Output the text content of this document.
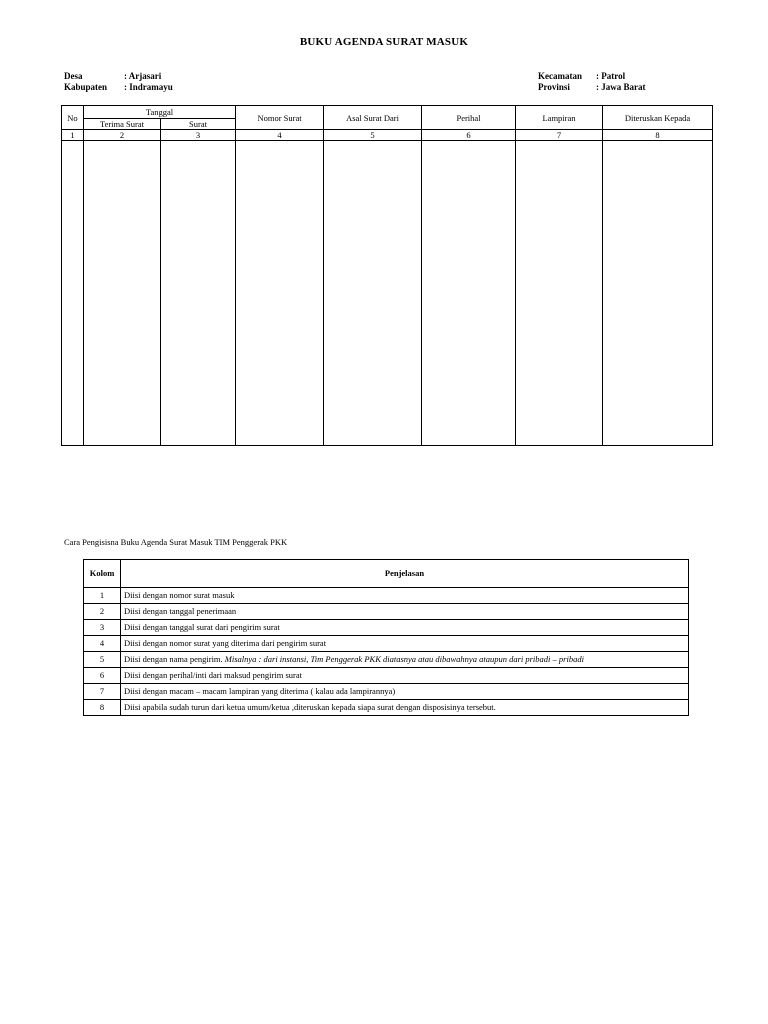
BUKU AGENDA SURAT MASUK
Desa	: Arjasari
Kabupaten : Indramayu
Kecamatan : Patrol
Provinsi	: Jawa Barat
No	Tanggal		Nomor Surat	Asal Surat Dari	Perihal	Lampiran	Diteruskan Kepada
	Terima Surat	Surat					
1	2	3	4	5	6	7	8

Cara Pengisisna Buku Agenda Surat Masuk TIM Penggerak PKK
Kolom	Penjelasan
1	Diisi dengan nomor surat masuk
2	Diisi dengan tanggal penerimaan
3	Diisi dengan tanggal surat dari pengirim surat
4	Diisi dengan nomor surat yang diterima dari pengirim surat
5	Diisi dengan nama pengirim. Misalnya : dari instansi, Tim Penggerak PKK diatasnya atau dibawahnya ataupun dari pribadi – pribadi
6	Diisi dengan perihal/inti dari maksud pengirim surat
7	Diisi dengan macam – macam lampiran yang diterima ( kalau ada lampirannya)
8	Diisi apabila sudah turun dari ketua umum/ketua ,diteruskan kepada siapa surat dengan disposisinya tersebut.
